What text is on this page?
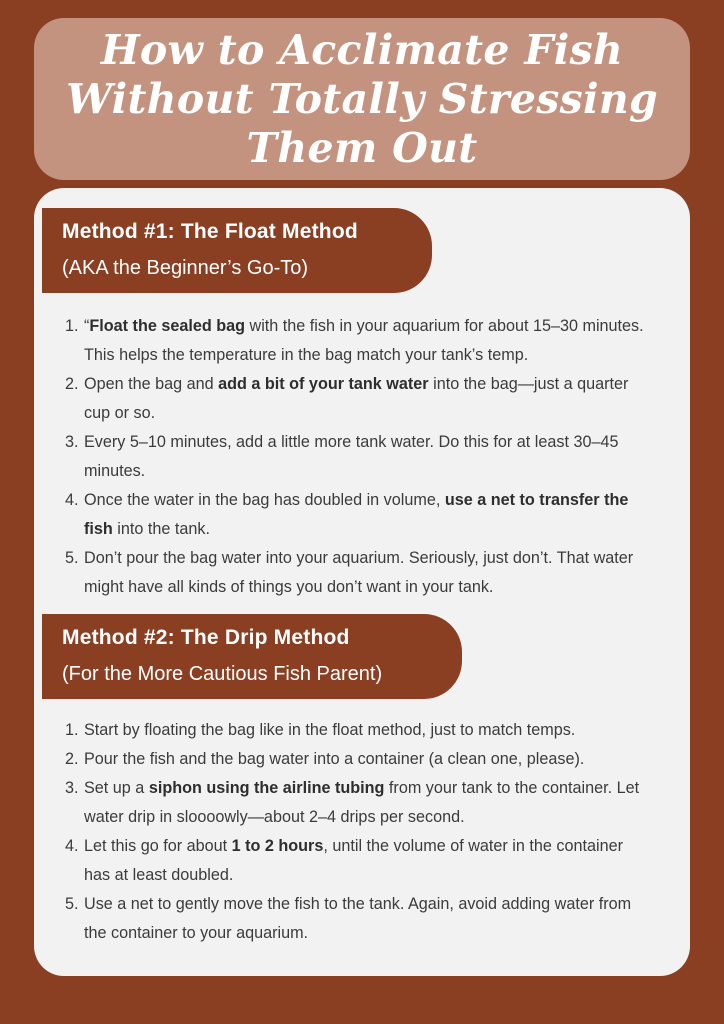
How to Acclimate Fish Without Totally Stressing Them Out
Method #1: The Float Method
(AKA the Beginner’s Go-To)
1. “Float the sealed bag with the fish in your aquarium for about 15–30 minutes. This helps the temperature in the bag match your tank’s temp.
2. Open the bag and add a bit of your tank water into the bag—just a quarter cup or so.
3. Every 5–10 minutes, add a little more tank water. Do this for at least 30–45 minutes.
4. Once the water in the bag has doubled in volume, use a net to transfer the fish into the tank.
5. Don’t pour the bag water into your aquarium. Seriously, just don’t. That water might have all kinds of things you don’t want in your tank.
Method #2: The Drip Method
(For the More Cautious Fish Parent)
1. Start by floating the bag like in the float method, just to match temps.
2. Pour the fish and the bag water into a container (a clean one, please).
3. Set up a siphon using the airline tubing from your tank to the container. Let water drip in sloooowly—about 2–4 drips per second.
4. Let this go for about 1 to 2 hours, until the volume of water in the container has at least doubled.
5. Use a net to gently move the fish to the tank. Again, avoid adding water from the container to your aquarium.
